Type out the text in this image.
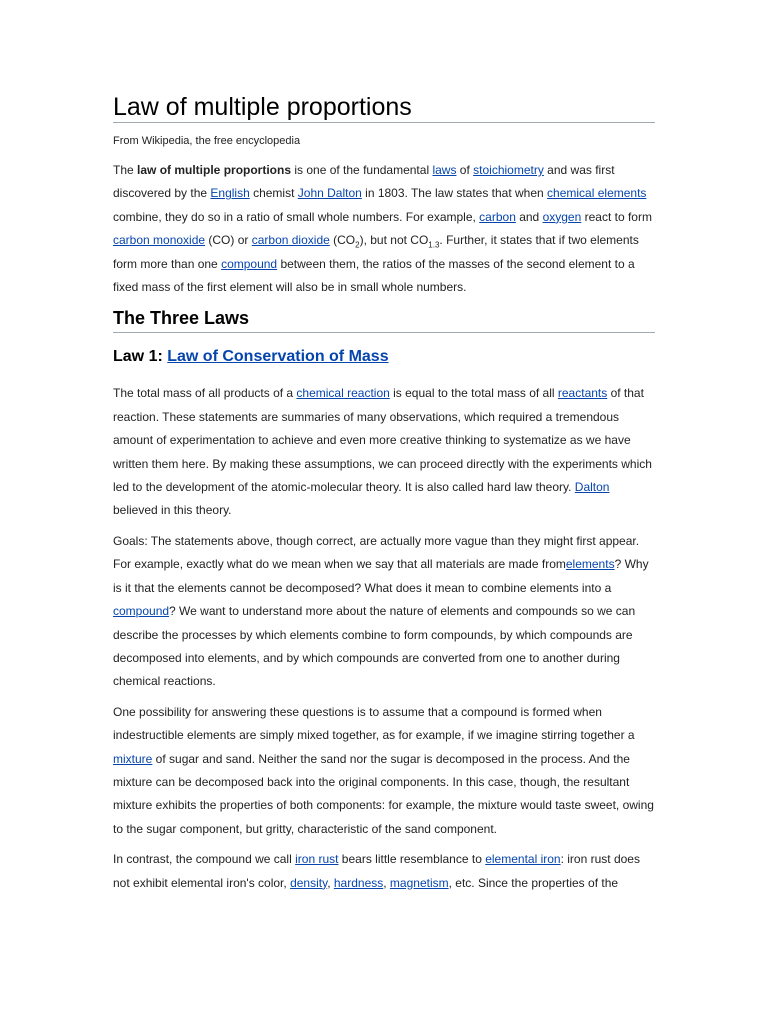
Law of multiple proportions
From Wikipedia, the free encyclopedia

The law of multiple proportions is one of the fundamental laws of stoichiometry and was first discovered by the English chemist John Dalton in 1803. The law states that when chemical elements combine, they do so in a ratio of small whole numbers. For example, carbon and oxygen react to form carbon monoxide (CO) or carbon dioxide $(CO_2)$, but not $CO_{1.3}$. Further, it states that if two elements form more than one compound between them, the ratios of the masses of the second element to a fixed mass of the first element will also be in small whole numbers.

The Three Laws
Law 1: Law of Conservation of Mass

The total mass of all products of a chemical reaction is equal to the total mass of all reactants of that reaction. These statements are summaries of many observations, which required a tremendous amount of experimentation to achieve and even more creative thinking to systematize as we have written them here. By making these assumptions, we can proceed directly with the experiments which led to the development of the atomic-molecular theory. It is also called hard law theory. Dalton believed in this theory.

Goals: The statements above, though correct, are actually more vague than they might first appear. For example, exactly what do we mean when we say that all materials are made fromelements? Why is it that the elements cannot be decomposed? What does it mean to combine elements into a compound? We want to understand more about the nature of elements and compounds so we can describe the processes by which elements combine to form compounds, by which compounds are decomposed into elements, and by which compounds are converted from one to another during chemical reactions.

One possibility for answering these questions is to assume that a compound is formed when indestructible elements are simply mixed together, as for example, if we imagine stirring together a mixture of sugar and sand. Neither the sand nor the sugar is decomposed in the process. And the mixture can be decomposed back into the original components. In this case, though, the resultant mixture exhibits the properties of both components: for example, the mixture would taste sweet, owing to the sugar component, but gritty, characteristic of the sand component.

In contrast, the compound we call iron rust bears little resemblance to elemental iron: iron rust does not exhibit elemental iron's color, density, hardness, magnetism, etc. Since the properties of the
